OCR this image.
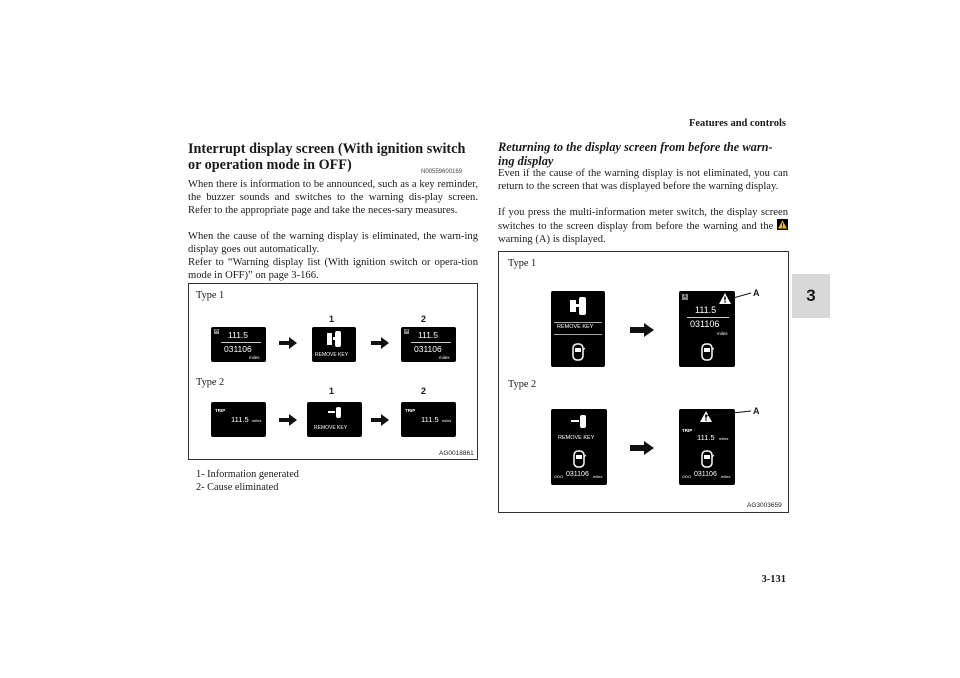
Features and controls
3-131
3
Interrupt display screen (With ignition switch or operation mode in OFF)	N00559600169
When there is information to be announced, such as a key reminder, the buzzer sounds and switches to the warning dis-play screen. Refer to the appropriate page and take the neces-sary measures.
When the cause of the warning display is eliminated, the warn-ing display goes out automatically.
Refer to “Warning display list (With ignition switch or opera-tion mode in OFF)” on page 3-166.
Type 1
Type 2
1	2
1	2
A 111.5
031106
miles	REMOVE KEY
A 111.5
031106
miles
TRIP
111.5 miles
REMOVE KEY
TRIP
111.5 miles
AG0018861
1- Information generated
2- Cause eliminated
Returning to the display screen from before the warn-ing display
Even if the cause of the warning display is not eliminated, you can return to the screen that was displayed before the warning display.
If you press the multi-information meter switch, the display screen switches to the screen display from before the warning and the  warning (A) is displayed.
Type 1
Type 2
REMOVE KEY
A
111.5
031106
miles
A
REMOVE KEY
ODO 031106 miles
TRIP
111.5 miles
ODO 031106 miles
A
AG3003659
